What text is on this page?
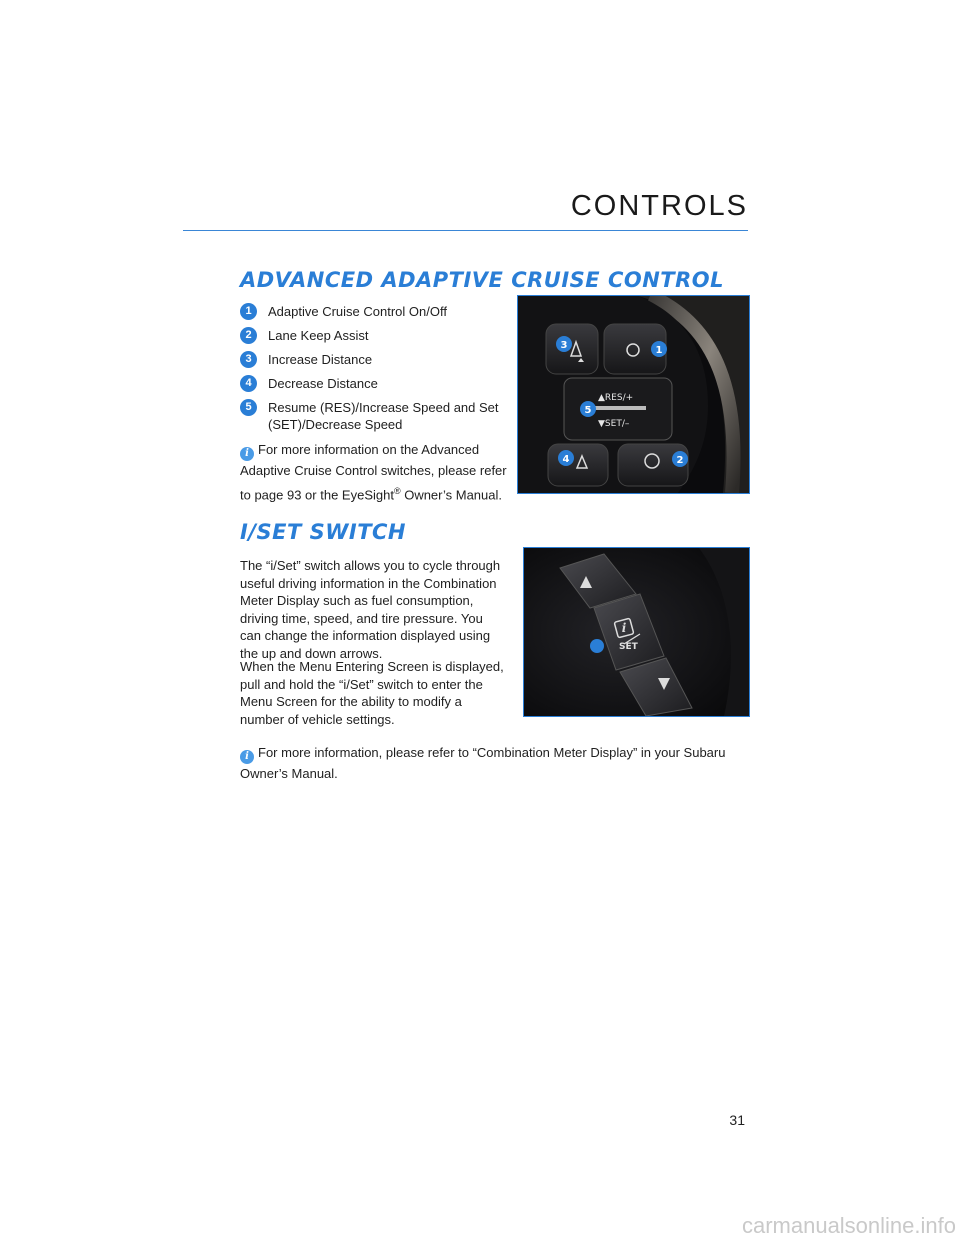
CONTROLS
ADVANCED ADAPTIVE CRUISE CONTROL
1	Adaptive Cruise Control On/Off
2	Lane Keep Assist
3	Increase Distance
4	Decrease Distance
5	Resume (RES)/Increase Speed and Set (SET)/Decrease Speed
i For more information on the Advanced Adaptive Cruise Control switches, please refer to page 93 or the EyeSight® Owner’s Manual.
▲RES/+
▼SET/–
1
2
3
4
5
I/SET SWITCH
The “i/Set” switch allows you to cycle through useful driving information in the Combination Meter Display such as fuel consumption, driving time, speed, and tire pressure. You can change the information displayed using the up and down arrows.
When the Menu Entering Screen is displayed, pull and hold the “i/Set” switch to enter the Menu Screen for the ability to modify a number of vehicle settings.
i For more information, please refer to “Combination Meter Display” in your Subaru Owner’s Manual.
i
SET
31
carmanualsonline.info
